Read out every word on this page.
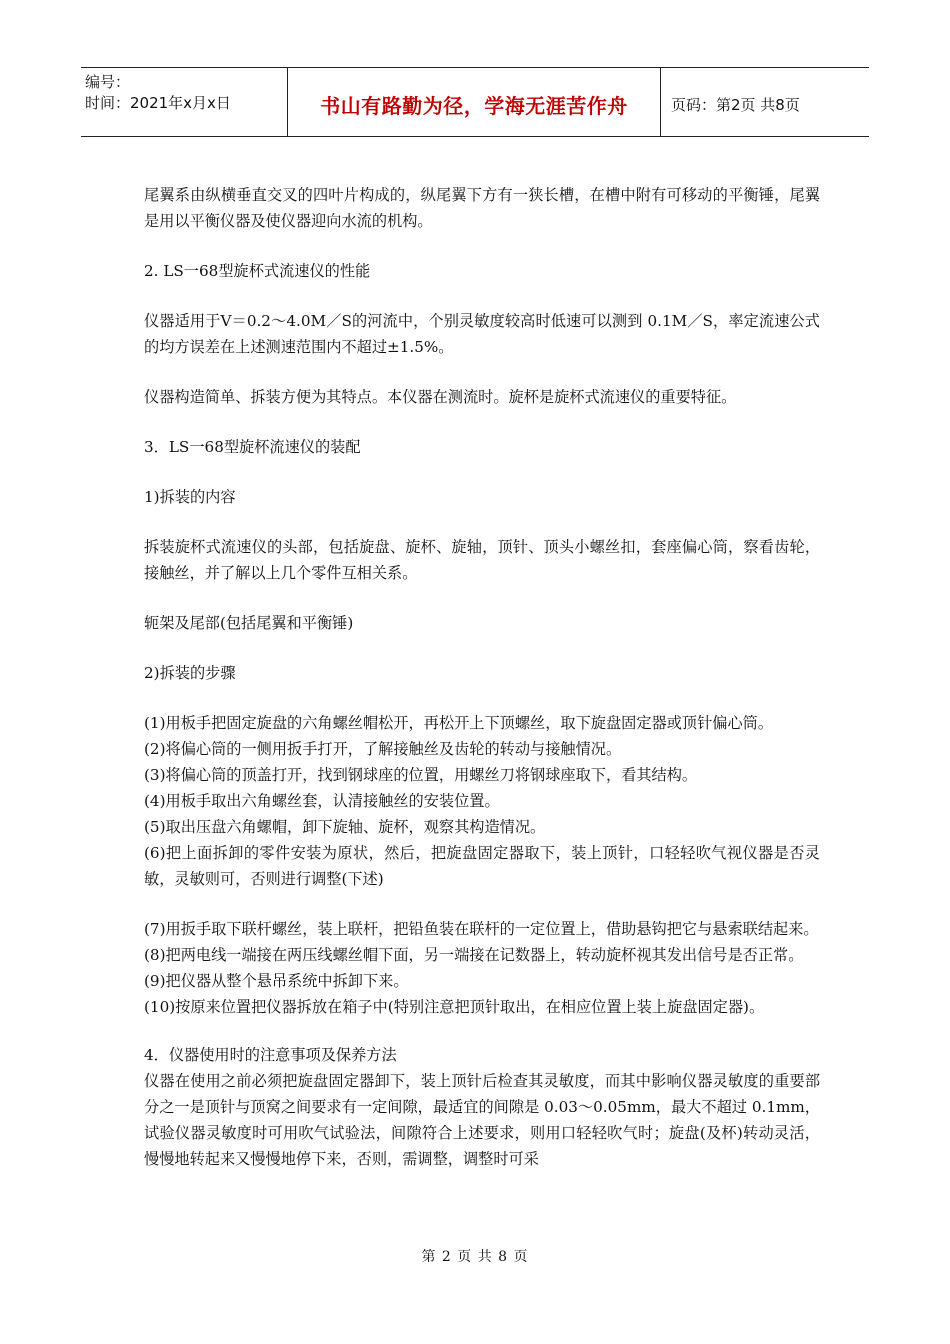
编号：
时间：2021年x月x日	书山有路勤为径，学海无涯苦作舟	页码：第2页 共8页

尾翼系由纵横垂直交叉的四叶片构成的，纵尾翼下方有一狭长槽，在槽中附有可移动的平衡锤，尾翼是用以平衡仪器及使仪器迎向水流的机构。

2. LS一68型旋杯式流速仪的性能

仪器适用于V＝0.2～4.0M／S的河流中，个别灵敏度较高时低速可以测到 0.1M／S，率定流速公式的均方误差在上述测速范围内不超过±1.5%。

仪器构造简单、拆装方便为其特点。本仪器在测流时。旋杯是旋杯式流速仪的重要特征。

3．LS一68型旋杯流速仪的装配

1)拆装的内容

拆装旋杯式流速仪的头部，包括旋盘、旋杯、旋轴，顶针、顶头小螺丝扣，套座偏心筒，察看齿轮，接触丝，并了解以上几个零件互相关系。

轭架及尾部(包括尾翼和平衡锤)

2)拆装的步骤

(1)用板手把固定旋盘的六角螺丝帽松开，再松开上下顶螺丝，取下旋盘固定器或顶针偏心筒。

(2)将偏心筒的一侧用扳手打开，了解接触丝及齿轮的转动与接触情况。

(3)将偏心筒的顶盖打开，找到钢球座的位置，用螺丝刀将钢球座取下，看其结构。

(4)用板手取出六角螺丝套，认清接触丝的安装位置。

(5)取出压盘六角螺帽，卸下旋轴、旋杯，观察其构造情况。

(6)把上面拆卸的零件安装为原状，然后，把旋盘固定器取下，装上顶针，口轻轻吹气视仪器是否灵敏，灵敏则可，否则进行调整(下述)

(7)用扳手取下联杆螺丝，装上联杆，把铅鱼装在联杆的一定位置上，借助悬钩把它与悬索联结起来。

(8)把两电线一端接在两压线螺丝帽下面，另一端接在记数器上，转动旋杯视其发出信号是否正常。

(9)把仪器从整个悬吊系统中拆卸下来。

(10)按原来位置把仪器拆放在箱子中(特别注意把顶针取出，在相应位置上装上旋盘固定器)。

4．仪器使用时的注意事项及保养方法

仪器在使用之前必须把旋盘固定器卸下，装上顶针后检查其灵敏度，而其中影响仪器灵敏度的重要部分之一是顶针与顶窝之间要求有一定间隙，最适宜的间隙是 0.03～0.05mm，最大不超过 0.1mm，试验仪器灵敏度时可用吹气试验法，间隙符合上述要求，则用口轻轻吹气时；旋盘(及杯)转动灵活，慢慢地转起来又慢慢地停下来，否则，需调整，调整时可采

第 2 页 共 8 页
